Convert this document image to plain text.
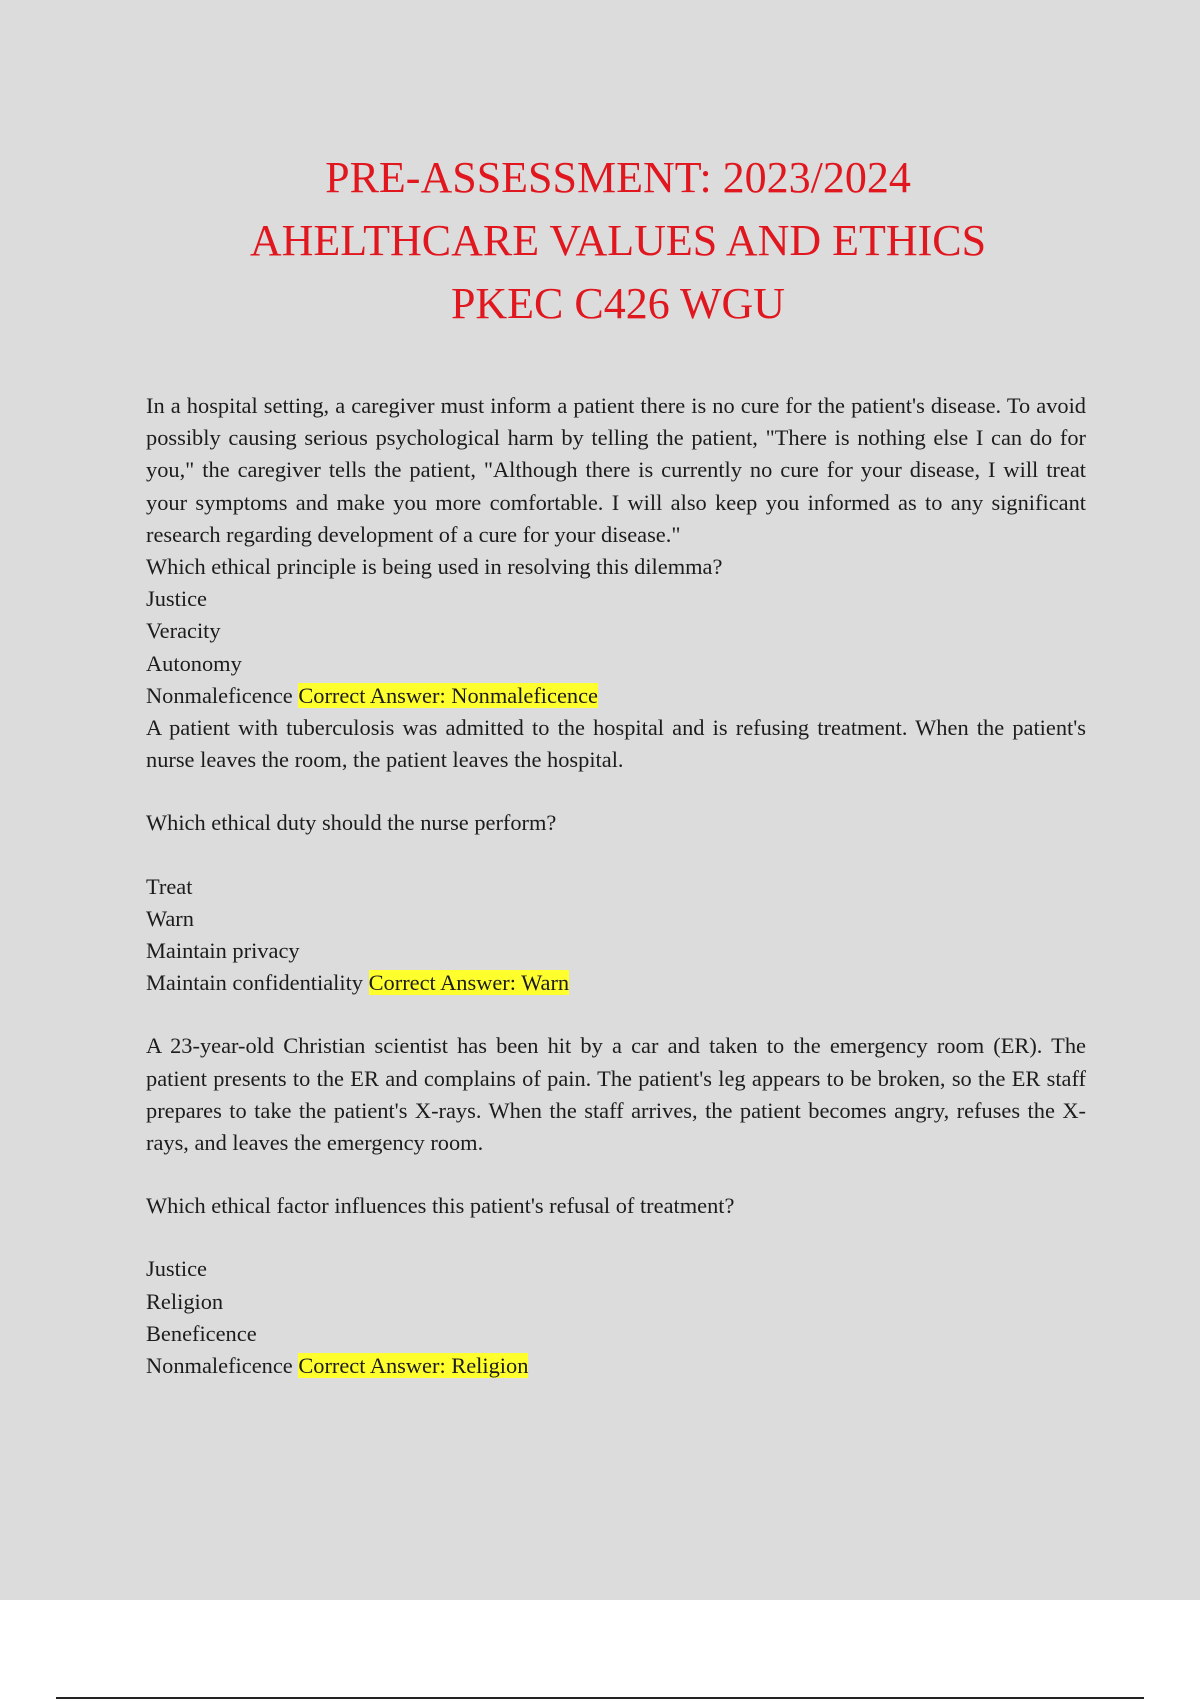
PRE-ASSESSMENT: 2023/2024
AHELTHCARE VALUES AND ETHICS
PKEC C426 WGU
In a hospital setting, a caregiver must inform a patient there is no cure for the patient's disease. To avoid possibly causing serious psychological harm by telling the patient, "There is nothing else I can do for you," the caregiver tells the patient, "Although there is currently no cure for your disease, I will treat your symptoms and make you more comfortable. I will also keep you informed as to any significant research regarding development of a cure for your disease."
Which ethical principle is being used in resolving this dilemma?
Justice
Veracity
Autonomy
Nonmaleficence Correct Answer: Nonmaleficence
A patient with tuberculosis was admitted to the hospital and is refusing treatment. When the patient's nurse leaves the room, the patient leaves the hospital.
Which ethical duty should the nurse perform?
Treat
Warn
Maintain privacy
Maintain confidentiality Correct Answer: Warn
A 23-year-old Christian scientist has been hit by a car and taken to the emergency room (ER). The patient presents to the ER and complains of pain. The patient's leg appears to be broken, so the ER staff prepares to take the patient's X-rays. When the staff arrives, the patient becomes angry, refuses the X-rays, and leaves the emergency room.
Which ethical factor influences this patient's refusal of treatment?
Justice
Religion
Beneficence
Nonmaleficence Correct Answer: Religion
